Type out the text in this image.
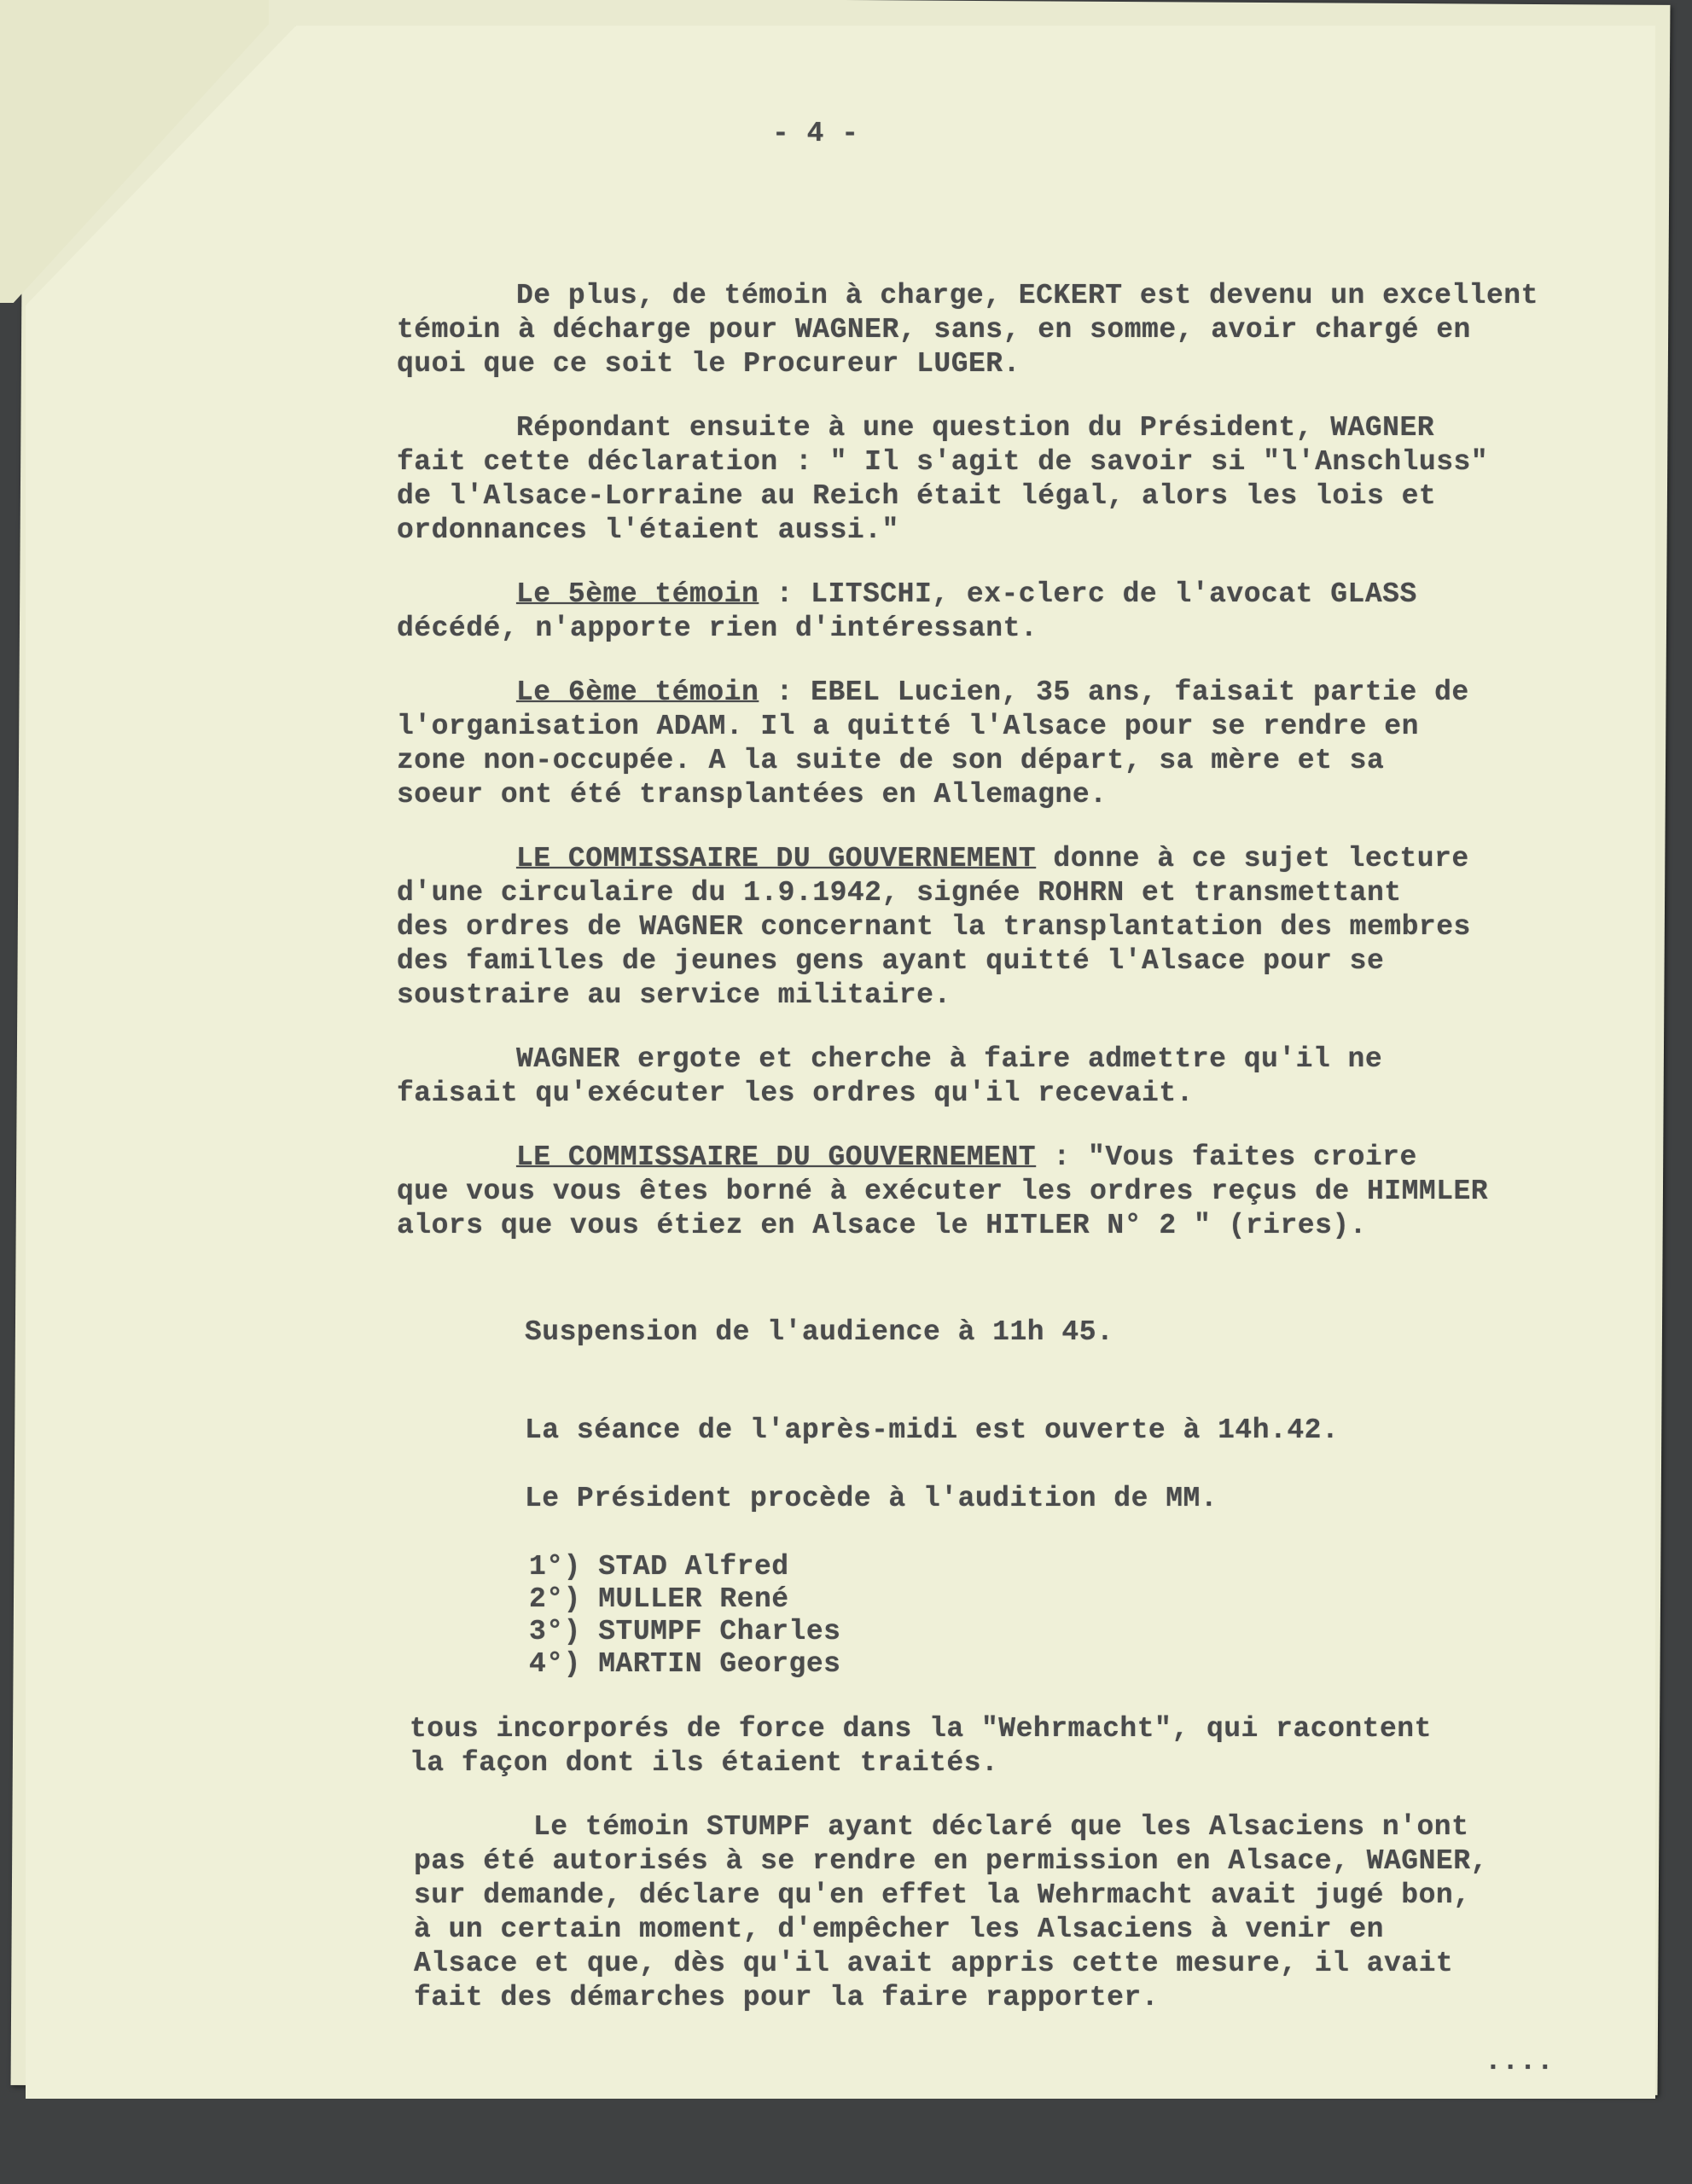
- 4 -
De plus, de témoin à charge, ECKERT est devenu un excellent
témoin à décharge pour WAGNER, sans, en somme, avoir chargé en
quoi que ce soit le Procureur LUGER.
Répondant ensuite à une question du Président, WAGNER
fait cette déclaration : " Il s'agit de savoir si "l'Anschluss"
de l'Alsace-Lorraine au Reich était légal, alors les lois et
ordonnances l'étaient aussi."
Le 5ème témoin : LITSCHI, ex-clerc de l'avocat GLASS
décédé, n'apporte rien d'intéressant.
Le 6ème témoin : EBEL Lucien, 35 ans, faisait partie de
l'organisation ADAM. Il a quitté l'Alsace pour se rendre en
zone non-occupée. A la suite de son départ, sa mère et sa
soeur ont été transplantées en Allemagne.
LE COMMISSAIRE DU GOUVERNEMENT donne à ce sujet lecture
d'une circulaire du 1.9.1942, signée ROHRN et transmettant
des ordres de WAGNER concernant la transplantation des membres
des familles de jeunes gens ayant quitté l'Alsace pour se
soustraire au service militaire.
WAGNER ergote et cherche à faire admettre qu'il ne
faisait qu'exécuter les ordres qu'il recevait.
LE COMMISSAIRE DU GOUVERNEMENT : "Vous faites croire
que vous vous êtes borné à exécuter les ordres reçus de HIMMLER
alors que vous étiez en Alsace le HITLER N° 2 " (rires).
Suspension de l'audience à 11h 45.
La séance de l'après-midi est ouverte à 14h.42.
Le Président procède à l'audition de MM.
1°) STAD Alfred
2°) MULLER René
3°) STUMPF Charles
4°) MARTIN Georges
tous incorporés de force dans la "Wehrmacht", qui racontent
la façon dont ils étaient traités.
Le témoin STUMPF ayant déclaré que les Alsaciens n'ont
pas été autorisés à se rendre en permission en Alsace, WAGNER,
sur demande, déclare qu'en effet la Wehrmacht avait jugé bon,
à un certain moment, d'empêcher les Alsaciens à venir en
Alsace et que, dès qu'il avait appris cette mesure, il avait
fait des démarches pour la faire rapporter.
....
